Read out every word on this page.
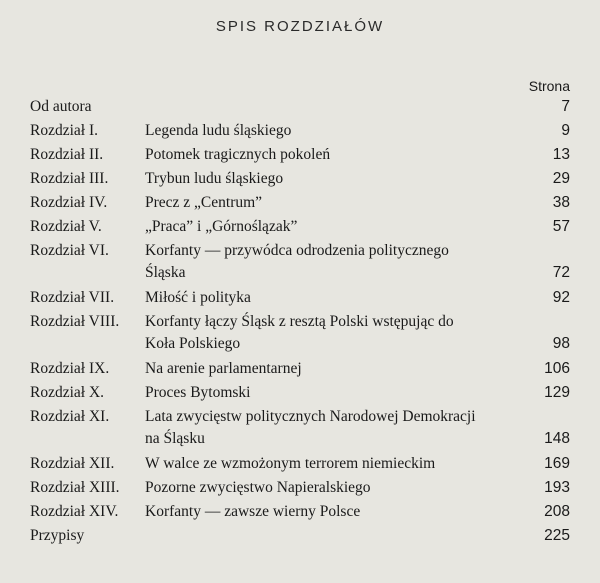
SPIS ROZDZIAŁÓW
Strona
Od autora	7
Rozdział I.	Legenda ludu śląskiego	9
Rozdział II.	Potomek tragicznych pokoleń	13
Rozdział III. Trybun ludu śląskiego	29
Rozdział IV. Precz z „Centrum”	38
Rozdział V.	„Praca” i „Górnoślązak”	57
Rozdział VI. Korfanty — przywódca odrodzenia politycznego
Śląska	72
Rozdział VII. Miłość i polityka	92
Rozdział VIII. Korfanty łączy Śląsk z resztą Polski wstępując do
Koła Polskiego	98
Rozdział IX. Na arenie parlamentarnej	106
Rozdział X.	Proces Bytomski	129
Rozdział XI. Lata zwycięstw politycznych Narodowej Demokracji
na Śląsku	148
Rozdział XII. W walce ze wzmożonym terrorem niemieckim	169
Rozdział XIII. Pozorne zwycięstwo Napieralskiego	193
Rozdział XIV. Korfanty — zawsze wierny Polsce	208
Przypisy	225
